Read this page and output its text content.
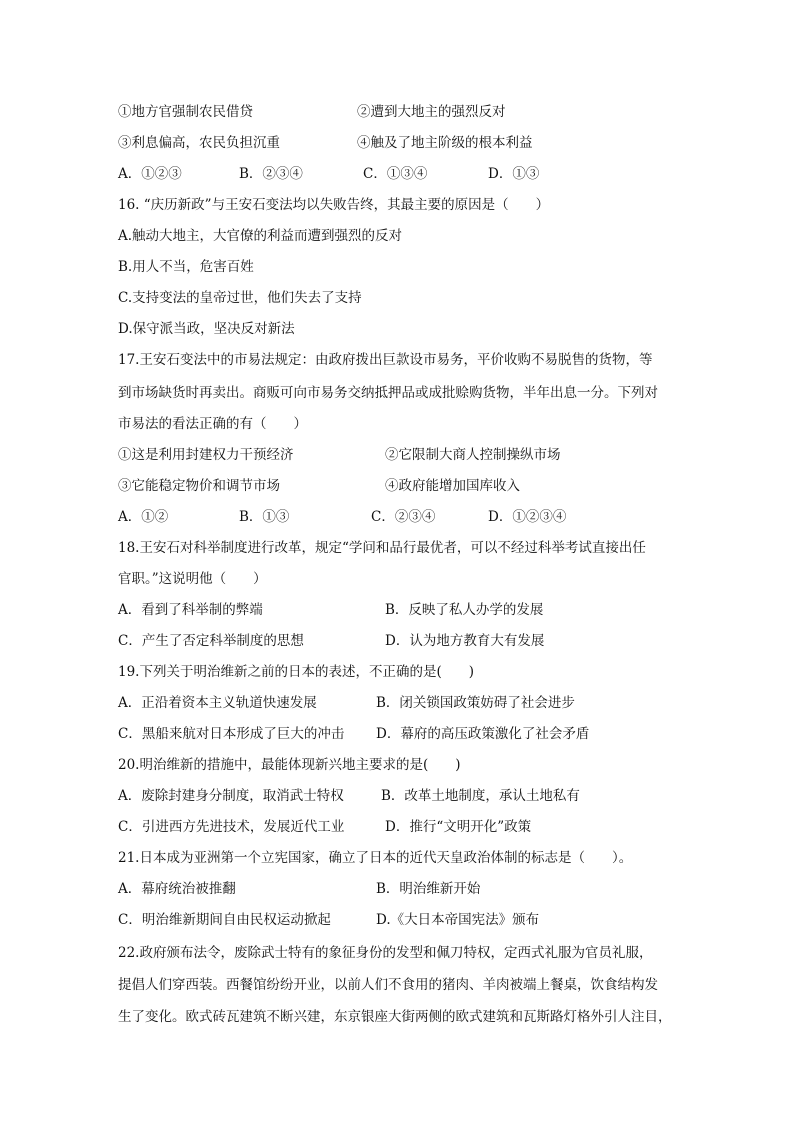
①地方官强制农民借贷	②遭到大地主的强烈反对
③利息偏高，农民负担沉重	④触及了地主阶级的根本利益
A．①②③	B．②③④	C．①③④	D．①③
16. “庆历新政”与王安石变法均以失败告终，其最主要的原因是（　　）
A.触动大地主，大官僚的利益而遭到强烈的反对
B.用人不当，危害百姓
C.支持变法的皇帝过世，他们失去了支持
D.保守派当政，坚决反对新法
17.王安石变法中的市易法规定：由政府拨出巨款设市易务，平价收购不易脱售的货物，等
到市场缺货时再卖出。商贩可向市易务交纳抵押品或成批赊购货物，半年出息一分。下列对
市易法的看法正确的有（　　）
①这是利用封建权力干预经济	②它限制大商人控制操纵市场
③它能稳定物价和调节市场	④政府能增加国库收入
A．①②	B．①③	C．②③④	D．①②③④
18.王安石对科举制度进行改革，规定“学问和品行最优者，可以不经过科举考试直接出任
官职。”这说明他（　　）
A．看到了科举制的弊端	B．反映了私人办学的发展
C．产生了否定科举制度的思想	D．认为地方教育大有发展
19.下列关于明治维新之前的日本的表述，不正确的是(　　)
A．正沿着资本主义轨道快速发展	B．闭关锁国政策妨碍了社会进步
C．黑船来航对日本形成了巨大的冲击 D．幕府的高压政策激化了社会矛盾
20.明治维新的措施中，最能体现新兴地主要求的是(　　)
A．废除封建身分制度，取消武士特权	B．改革土地制度，承认土地私有
C．引进西方先进技术，发展近代工业	D．推行“文明开化”政策
21.日本成为亚洲第一个立宪国家，确立了日本的近代天皇政治体制的标志是（　　）。
A．幕府统治被推翻	B．明治维新开始
C．明治维新期间自由民权运动掀起	D.《大日本帝国宪法》颁布
22.政府颁布法令，废除武士特有的象征身份的发型和佩刀特权，定西式礼服为官员礼服，
提倡人们穿西装。西餐馆纷纷开业，以前人们不食用的猪肉、羊肉被端上餐桌，饮食结构发
生了变化。欧式砖瓦建筑不断兴建，东京银座大街两侧的欧式建筑和瓦斯路灯格外引人注目，
